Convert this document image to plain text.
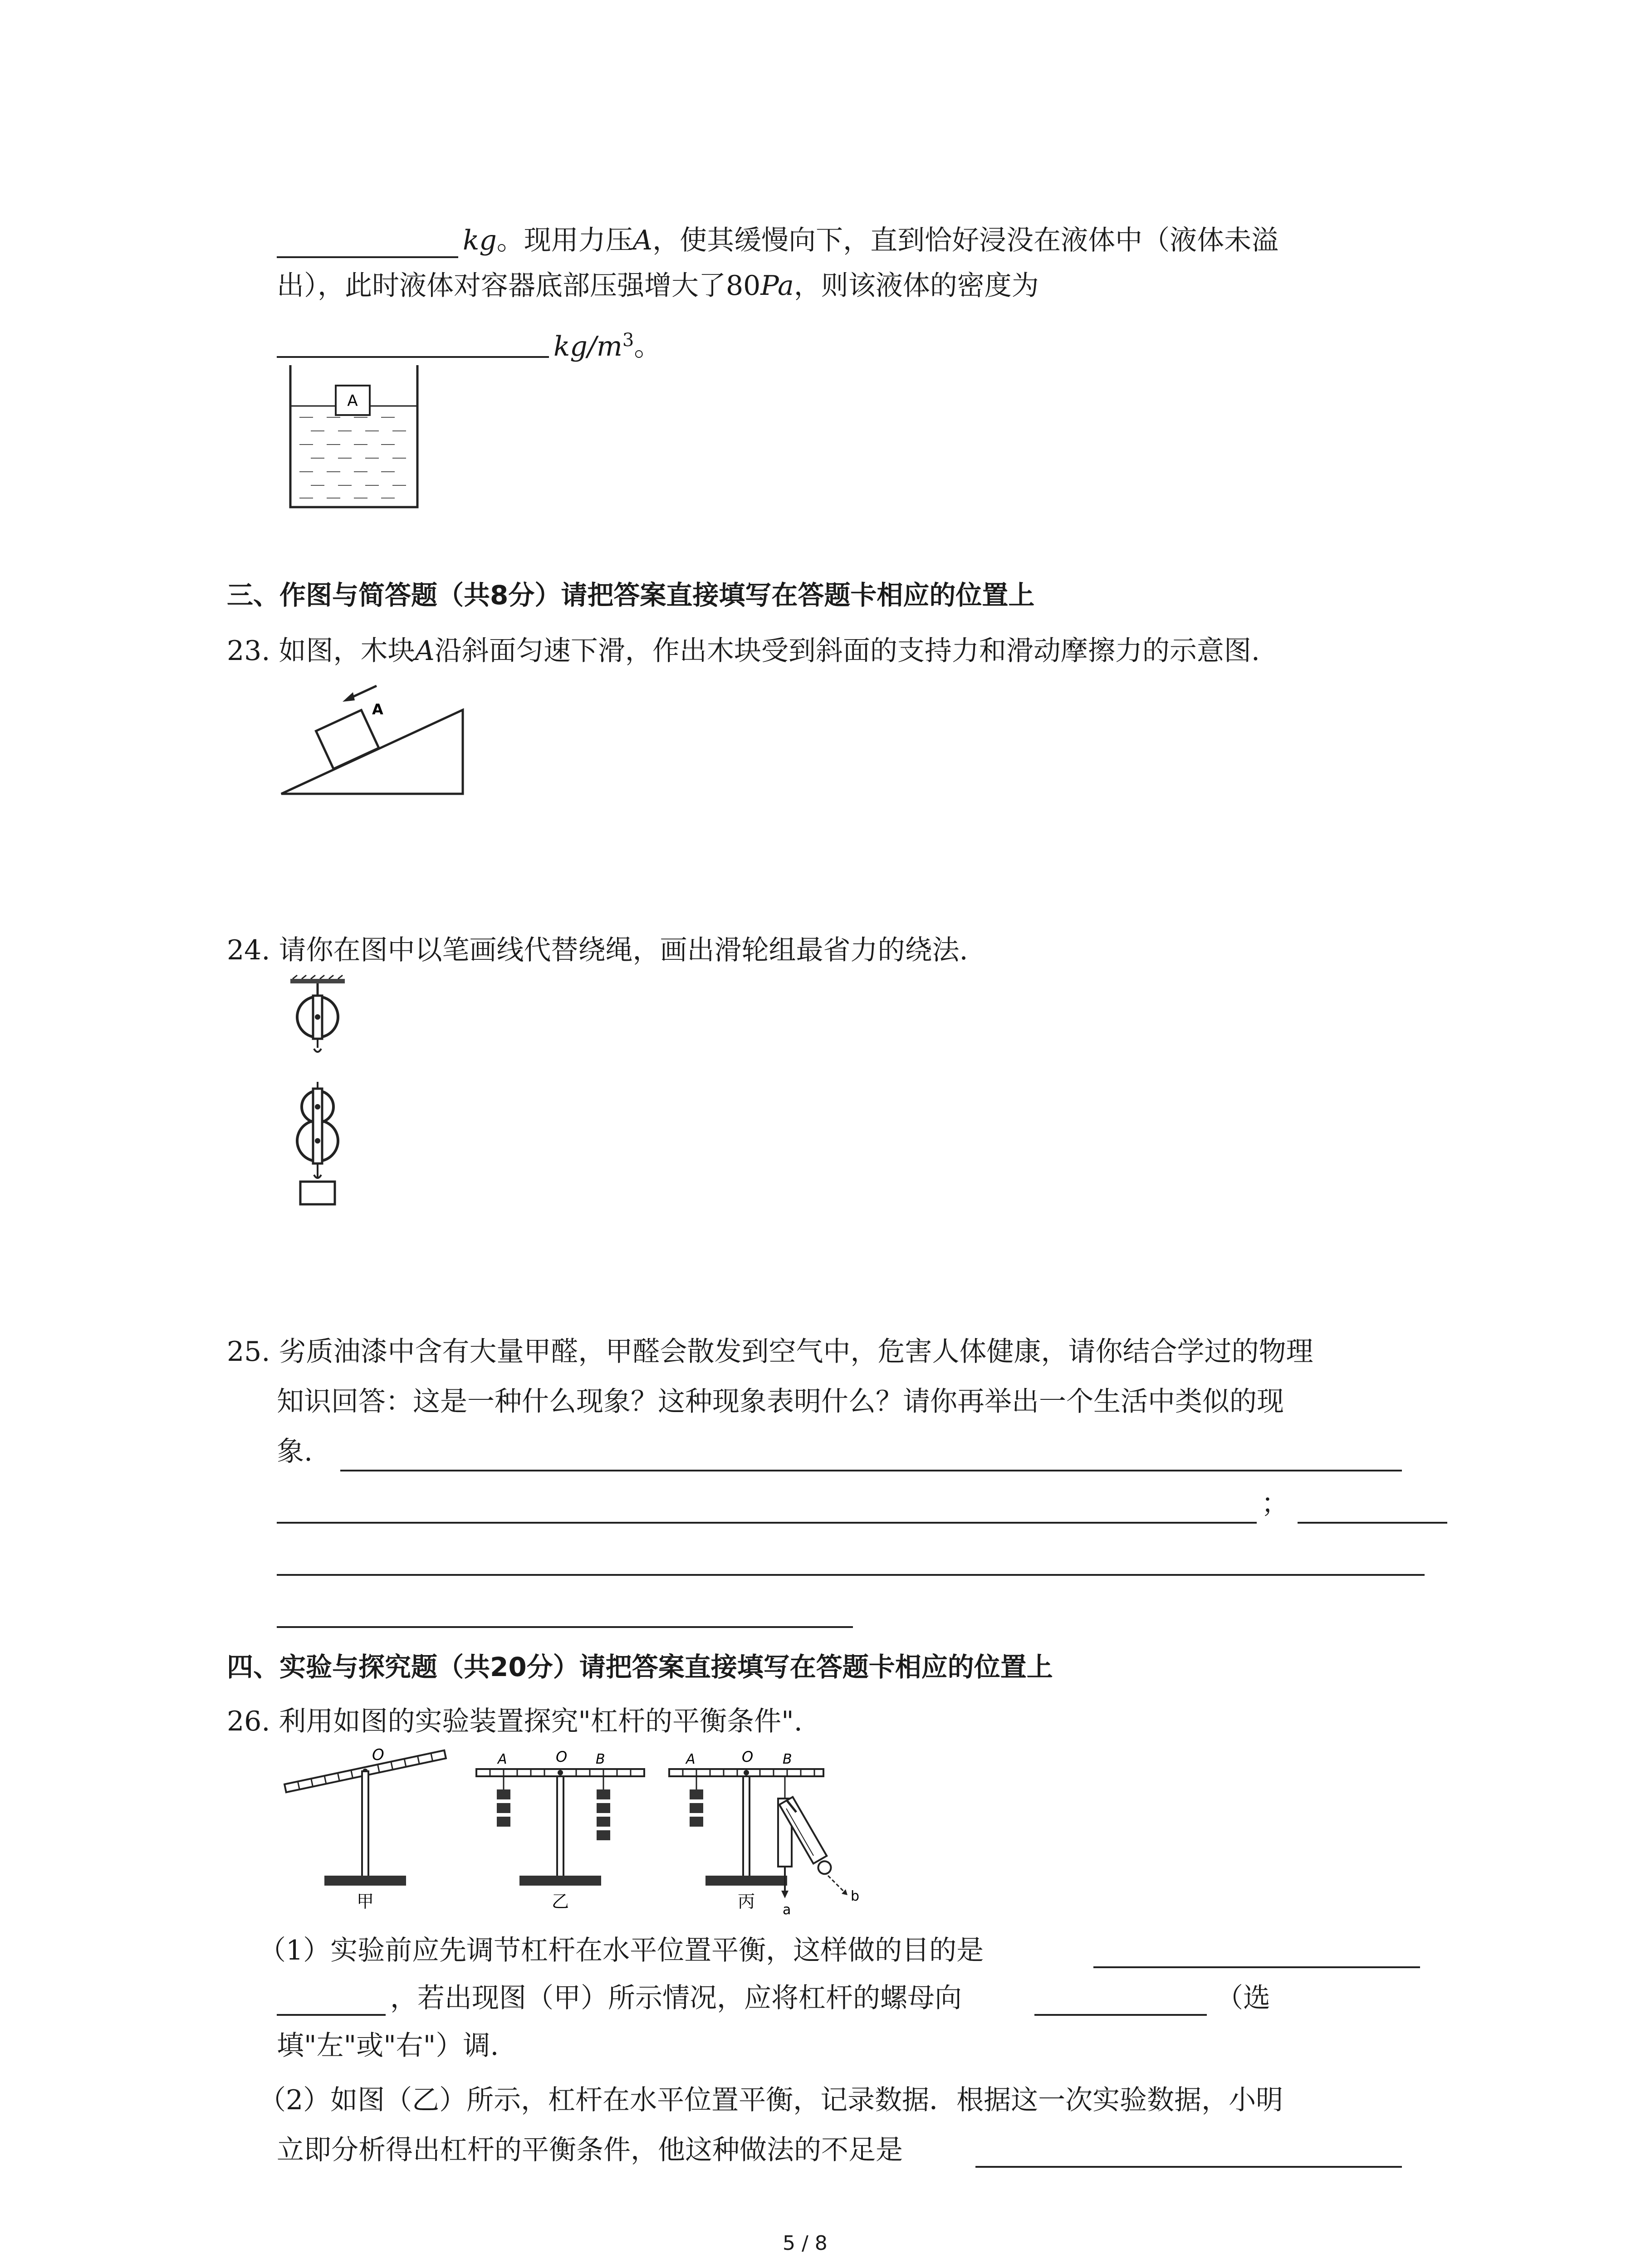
kg。现用力压A，使其缓慢向下，直到恰好浸没在液体中（液体未溢
出），此时液体对容器底部压强增大了80Pa，则该液体的密度为
$kg/m^3$。
A
三、作图与简答题（共8分）请把答案直接填写在答题卡相应的位置上
23. 如图，木块A沿斜面匀速下滑，作出木块受到斜面的支持力和滑动摩擦力的示意图.
A
24. 请你在图中以笔画线代替绕绳，画出滑轮组最省力的绕法.
25. 劣质油漆中含有大量甲醛，甲醛会散发到空气中，危害人体健康，请你结合学过的物理
知识回答：这是一种什么现象？这种现象表明什么？请你再举出一个生活中类似的现
象.
；
四、实验与探究题（共20分）请把答案直接填写在答题卡相应的位置上
26. 利用如图的实验装置探究"杠杆的平衡条件".
O
甲
A	O B
乙
A	O B
a
b
丙
（1）实验前应先调节杠杆在水平位置平衡，这样做的目的是
，若出现图（甲）所示情况，应将杠杆的螺母向	（选
填"左"或"右"）调.
（2）如图（乙）所示，杠杆在水平位置平衡，记录数据．根据这一次实验数据，小明
立即分析得出杠杆的平衡条件，他这种做法的不足是
5 / 8
